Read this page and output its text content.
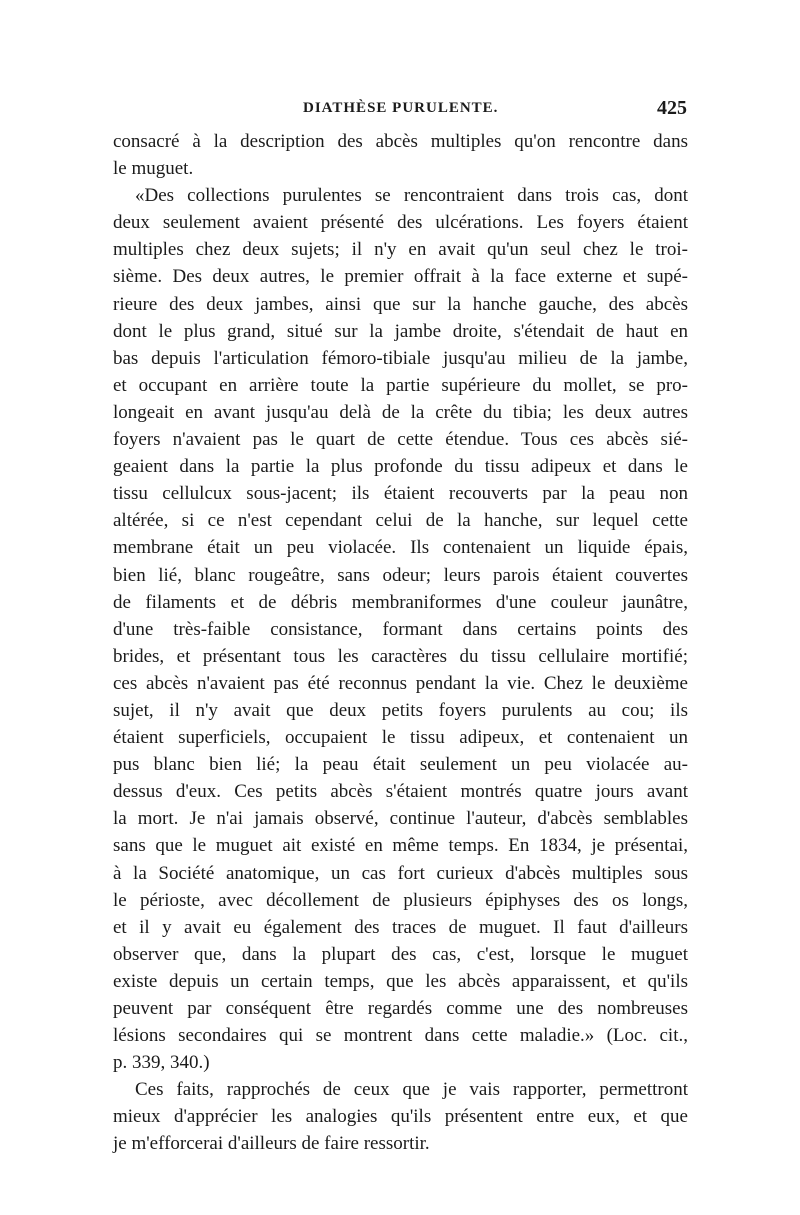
DIATHÈSE PURULENTE.	425
consacré à la description des abcès multiples qu'on rencontre dans
le muguet.
«Des collections purulentes se rencontraient dans trois cas, dont
deux seulement avaient présenté des ulcérations. Les foyers étaient
multiples chez deux sujets; il n'y en avait qu'un seul chez le troi-
sième. Des deux autres, le premier offrait à la face externe et supé-
rieure des deux jambes, ainsi que sur la hanche gauche, des abcès
dont le plus grand, situé sur la jambe droite, s'étendait de haut en
bas depuis l'articulation fémoro-tibiale jusqu'au milieu de la jambe,
et occupant en arrière toute la partie supérieure du mollet, se pro-
longeait en avant jusqu'au delà de la crête du tibia; les deux autres
foyers n'avaient pas le quart de cette étendue. Tous ces abcès sié-
geaient dans la partie la plus profonde du tissu adipeux et dans le
tissu cellulcux sous-jacent; ils étaient recouverts par la peau non
altérée, si ce n'est cependant celui de la hanche, sur lequel cette
membrane était un peu violacée. Ils contenaient un liquide épais,
bien lié, blanc rougeâtre, sans odeur; leurs parois étaient couvertes
de filaments et de débris membraniformes d'une couleur jaunâtre,
d'une très-faible consistance, formant dans certains points des
brides, et présentant tous les caractères du tissu cellulaire mortifié;
ces abcès n'avaient pas été reconnus pendant la vie. Chez le deuxième
sujet, il n'y avait que deux petits foyers purulents au cou; ils
étaient superficiels, occupaient le tissu adipeux, et contenaient un
pus blanc bien lié; la peau était seulement un peu violacée au-
dessus d'eux. Ces petits abcès s'étaient montrés quatre jours avant
la mort. Je n'ai jamais observé, continue l'auteur, d'abcès semblables
sans que le muguet ait existé en même temps. En 1834, je présentai,
à la Société anatomique, un cas fort curieux d'abcès multiples sous
le périoste, avec décollement de plusieurs épiphyses des os longs,
et il y avait eu également des traces de muguet. Il faut d'ailleurs
observer que, dans la plupart des cas, c'est, lorsque le muguet
existe depuis un certain temps, que les abcès apparaissent, et qu'ils
peuvent par conséquent être regardés comme une des nombreuses
lésions secondaires qui se montrent dans cette maladie.» (Loc. cit.,
p. 339, 340.)
Ces faits, rapprochés de ceux que je vais rapporter, permettront
mieux d'apprécier les analogies qu'ils présentent entre eux, et que
je m'efforcerai d'ailleurs de faire ressortir.
